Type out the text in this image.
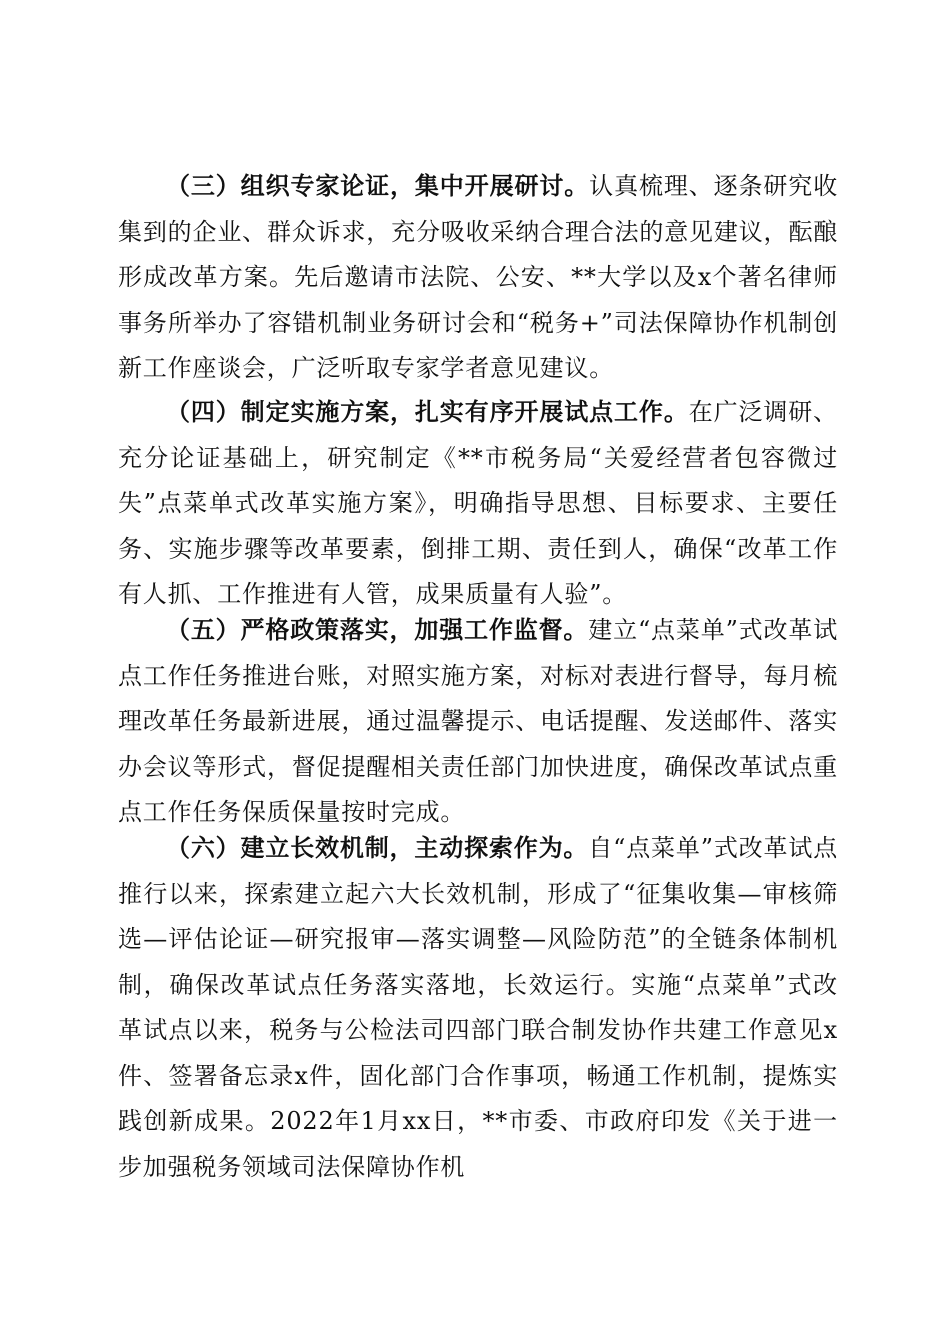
（三）组织专家论证，集中开展研讨。认真梳理、逐条研究收集到的企业、群众诉求，充分吸收采纳合理合法的意见建议，酝酿形成改革方案。先后邀请市法院、公安、**大学以及x个著名律师事务所举办了容错机制业务研讨会和“税务+”司法保障协作机制创新工作座谈会，广泛听取专家学者意见建议。

（四）制定实施方案，扎实有序开展试点工作。在广泛调研、充分论证基础上，研究制定《**市税务局“关爱经营者包容微过失”点菜单式改革实施方案》，明确指导思想、目标要求、主要任务、实施步骤等改革要素，倒排工期、责任到人，确保“改革工作有人抓、工作推进有人管，成果质量有人验”。

（五）严格政策落实，加强工作监督。建立“点菜单”式改革试点工作任务推进台账，对照实施方案，对标对表进行督导，每月梳理改革任务最新进展，通过温馨提示、电话提醒、发送邮件、落实办会议等形式，督促提醒相关责任部门加快进度，确保改革试点重点工作任务保质保量按时完成。

（六）建立长效机制，主动探索作为。自“点菜单”式改革试点推行以来，探索建立起六大长效机制，形成了“征集收集—审核筛选—评估论证—研究报审—落实调整—风险防范”的全链条体制机制，确保改革试点任务落实落地，长效运行。实施“点菜单”式改革试点以来，税务与公检法司四部门联合制发协作共建工作意见x件、签署备忘录x件，固化部门合作事项，畅通工作机制，提炼实践创新成果。2022年1月xx日，**市委、市政府印发《关于进一步加强税务领域司法保障协作机
